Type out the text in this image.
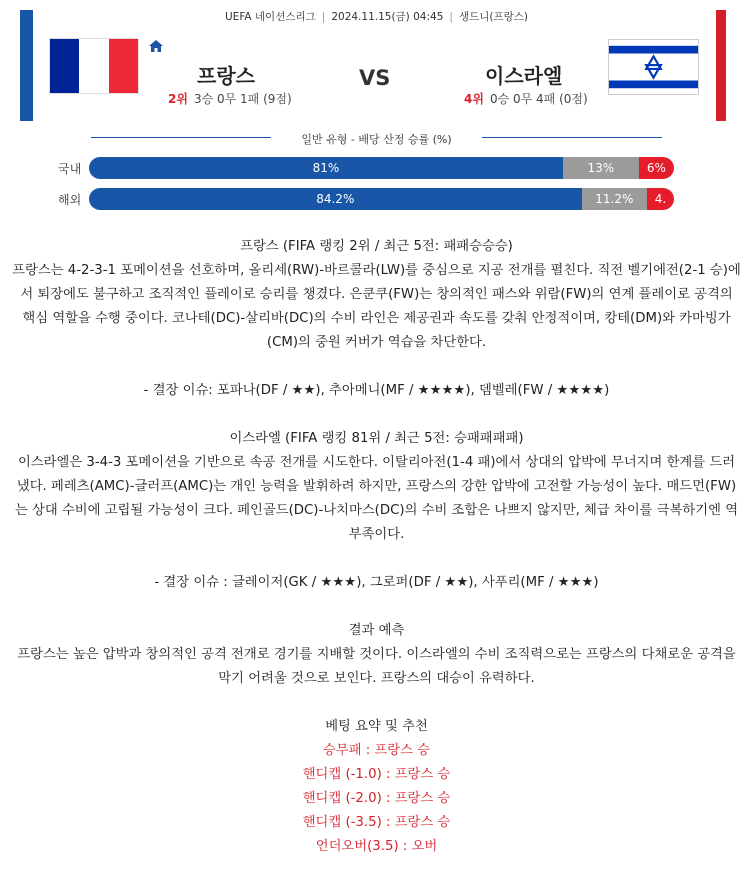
UEFA 네이션스리그 | 2024.11.15(금) 04:45 | 생드니(프랑스)
프랑스	VS	이스라엘
2위 3승 0무 1패 (9점)	4위 0승 0무 4패 (0점)
일반 유형 - 배당 산정 승률 (%)
국내	81%	13%	6%
해외	84.2%	11.2%	4.

프랑스 (FIFA 랭킹 2위 / 최근 5전: 패패승승승)

프랑스는 4-2-3-1 포메이션을 선호하며, 올리세(RW)-바르콜라(LW)를 중심으로 지공 전개를 펼친다. 직전 벨기에전(2-1 승)에서 퇴장에도 불구하고 조직적인 플레이로 승리를 챙겼다. 은쿤쿠(FW)는 창의적인 패스와 위람(FW)의 연계 플레이로 공격의 핵심 역할을 수행 중이다. 코나테(DC)-살리바(DC)의 수비 라인은 제공권과 속도를 갖춰 안정적이며, 캉테(DM)와 카마빙가(CM)의 중원 커버가 역습을 차단한다.

- 결장 이슈: 포파나(DF / ★★), 추아메니(MF / ★★★★), 뎀벨레(FW / ★★★★)

이스라엘 (FIFA 랭킹 81위 / 최근 5전: 승패패패패)

이스라엘은 3-4-3 포메이션을 기반으로 속공 전개를 시도한다. 이탈리아전(1-4 패)에서 상대의 압박에 무너지며 한계를 드러냈다. 페레츠(AMC)-글러프(AMC)는 개인 능력을 발휘하려 하지만, 프랑스의 강한 압박에 고전할 가능성이 높다. 매드먼(FW)는 상대 수비에 고립될 가능성이 크다. 페인골드(DC)-나치마스(DC)의 수비 조합은 나쁘지 않지만, 체급 차이를 극복하기엔 역부족이다.

- 결장 이슈 : 글레이저(GK / ★★★), 그로퍼(DF / ★★), 사푸리(MF / ★★★)

결과 예측

프랑스는 높은 압박과 창의적인 공격 전개로 경기를 지배할 것이다. 이스라엘의 수비 조직력으로는 프랑스의 다채로운 공격을 막기 어려울 것으로 보인다. 프랑스의 대승이 유력하다.

베팅 요약 및 추천

승무패 : 프랑스 승

핸디캡 (-1.0) : 프랑스 승

핸디캡 (-2.0) : 프랑스 승

핸디캡 (-3.5) : 프랑스 승

언더오버(3.5) : 오버
